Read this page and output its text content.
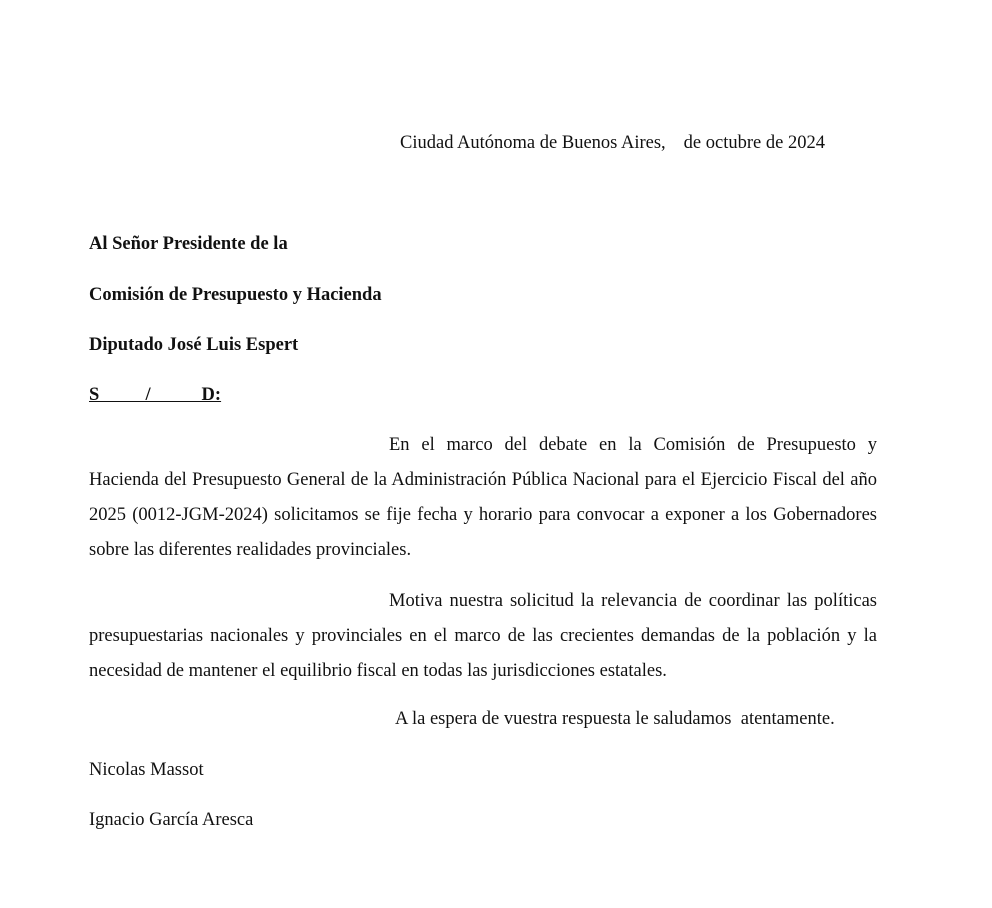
Ciudad Autónoma de Buenos Aires, de octubre de 2024
Al Señor Presidente de la
Comisión de Presupuesto y Hacienda
Diputado José Luis Espert
S          /           D:

En el marco del debate en la Comisión de Presupuesto y Hacienda del Presupuesto General de la Administración Pública Nacional para el Ejercicio Fiscal del año 2025 (0012-JGM-2024) solicitamos se fije fecha y horario para convocar a exponer a los Gobernadores sobre las diferentes realidades provinciales.

Motiva nuestra solicitud la relevancia de coordinar las políticas presupuestarias nacionales y provinciales en el marco de las crecientes demandas de la población y la necesidad de mantener el equilibrio fiscal en todas las jurisdicciones estatales.

A la espera de vuestra respuesta le saludamos  atentamente.
Nicolas Massot
Ignacio García Aresca
